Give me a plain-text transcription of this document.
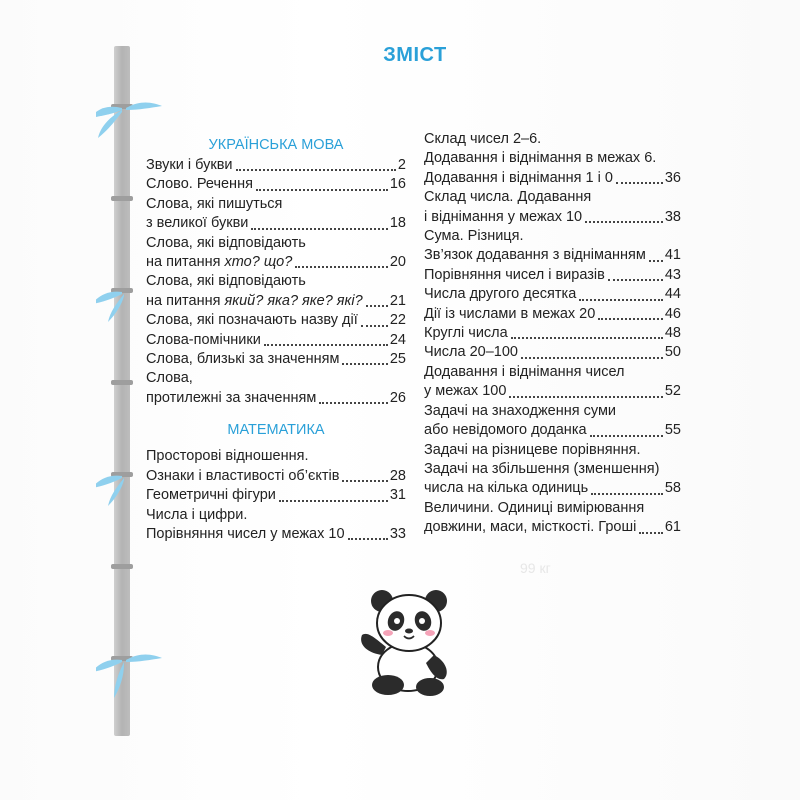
99 кг
ЗМІСТ
УКРАЇНСЬКА МОВА
Звуки і букви	2
Слово. Речення	16
Слова, які пишуться
з великої букви	18
Слова, які відповідають
на питання хто? що?	20
Слова, які відповідають
на питання який? яка? яке? які? 21
Слова, які позначають назву дії 22
Слова-помічники	24
Слова, близькі за значенням	25
Слова,
протилежні за значенням	26
МАТЕМАТИКА
Просторові відношення.
Ознаки і властивості об’єктів	28
Геометричні фігури	31
Числа і цифри.
Порівняння чисел у межах 10	33
Склад чисел 2–6.
Додавання і віднімання в межах 6.
Додавання і віднімання 1 і 0	36
Склад числа. Додавання
і віднімання у межах 10	38
Сума. Різниця.
Зв’язок додавання з відніманням 41
Порівняння чисел і виразів	43
Числа другого десятка	44
Дії із числами в межах 20	46
Круглі числа	48
Числа 20–100	50
Додавання і віднімання чисел
у межах 100	52
Задачі на знаходження суми
або невідомого доданка	55
Задачі на різницеве порівняння.
Задачі на збільшення (зменшення)
числа на кілька одиниць	58
Величини. Одиниці вимірювання
довжини, маси, місткості. Гроші 61
